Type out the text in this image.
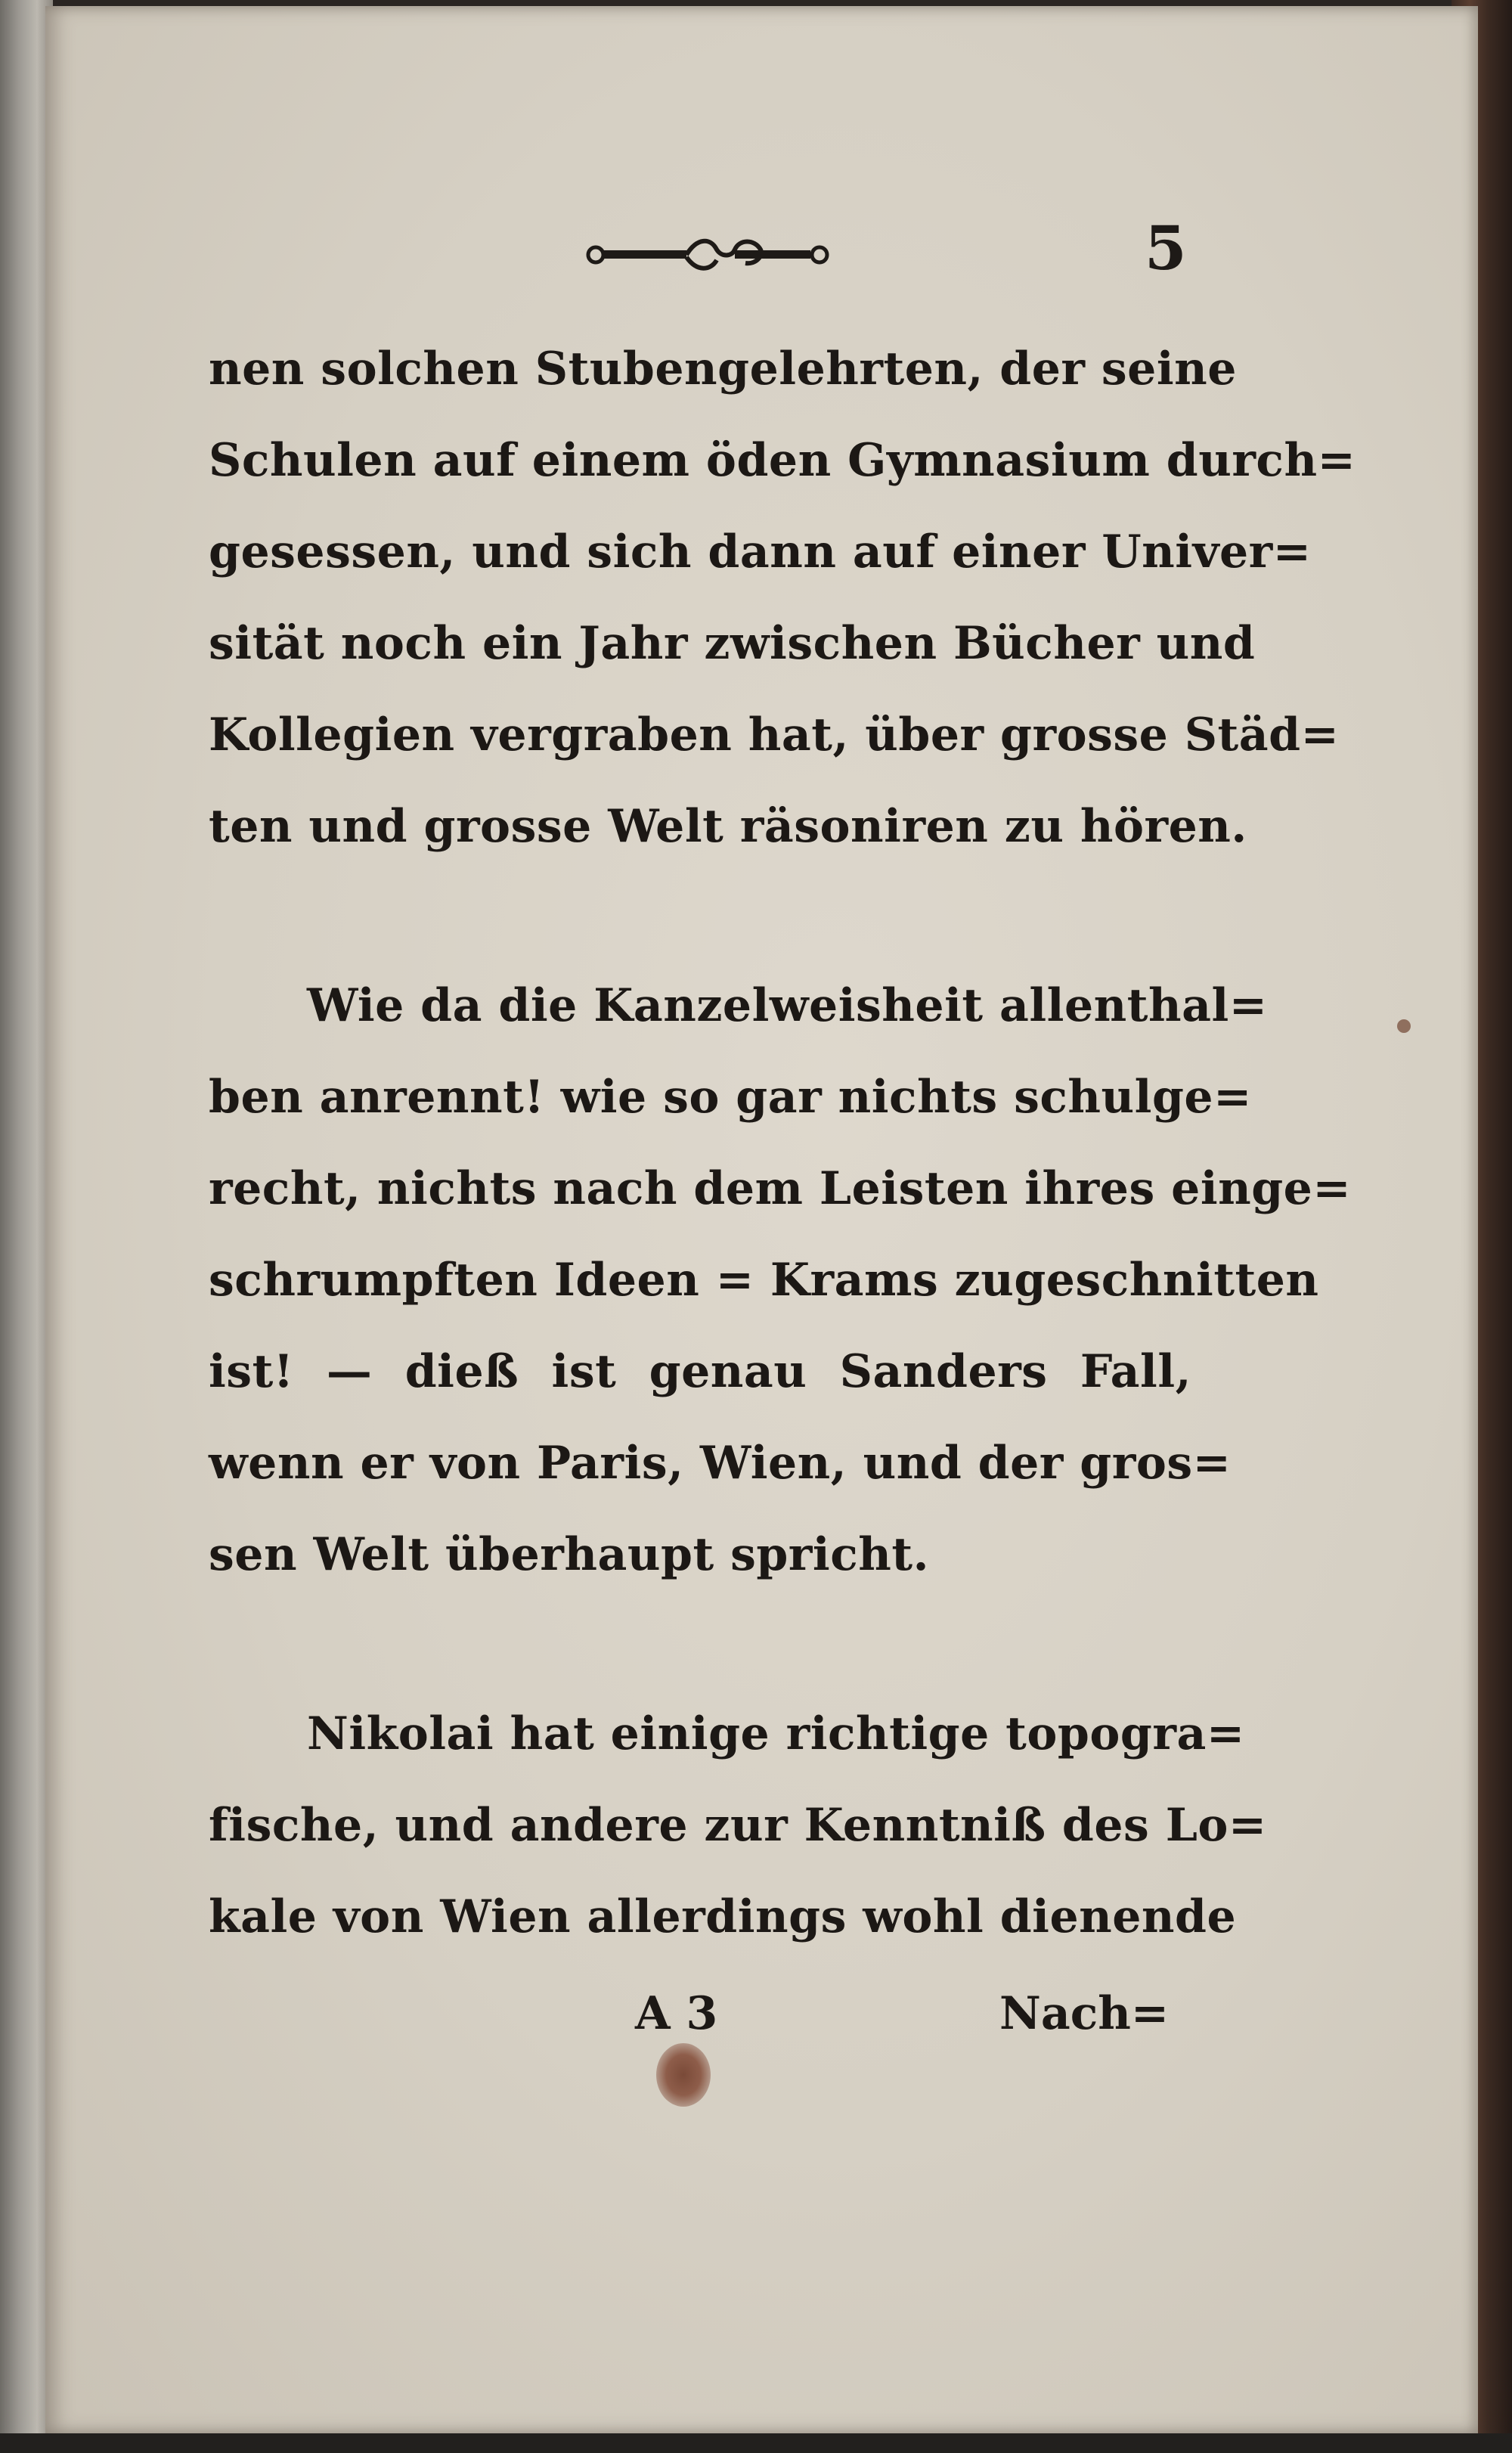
5
nen solchen Stubengelehrten, der seine
Schulen auf einem öden Gymnasium durch=
gesessen, und sich dann auf einer Univer=
sität noch ein Jahr zwischen Bücher und
Kollegien vergraben hat, über grosse Städ=
ten und grosse Welt räsoniren zu hören.
Wie da die Kanzelweisheit allenthal=
ben anrennt! wie so gar nichts schulge=
recht, nichts nach dem Leisten ihres einge=
schrumpften Ideen = Krams zugeschnitten
ist! — dieß ist genau Sanders Fall,
wenn er von Paris, Wien, und der gros=
sen Welt überhaupt spricht.
Nikolai hat einige richtige topogra=
fische, und andere zur Kenntniß des Lo=
kale von Wien allerdings wohl dienende
A 3	Nach=
